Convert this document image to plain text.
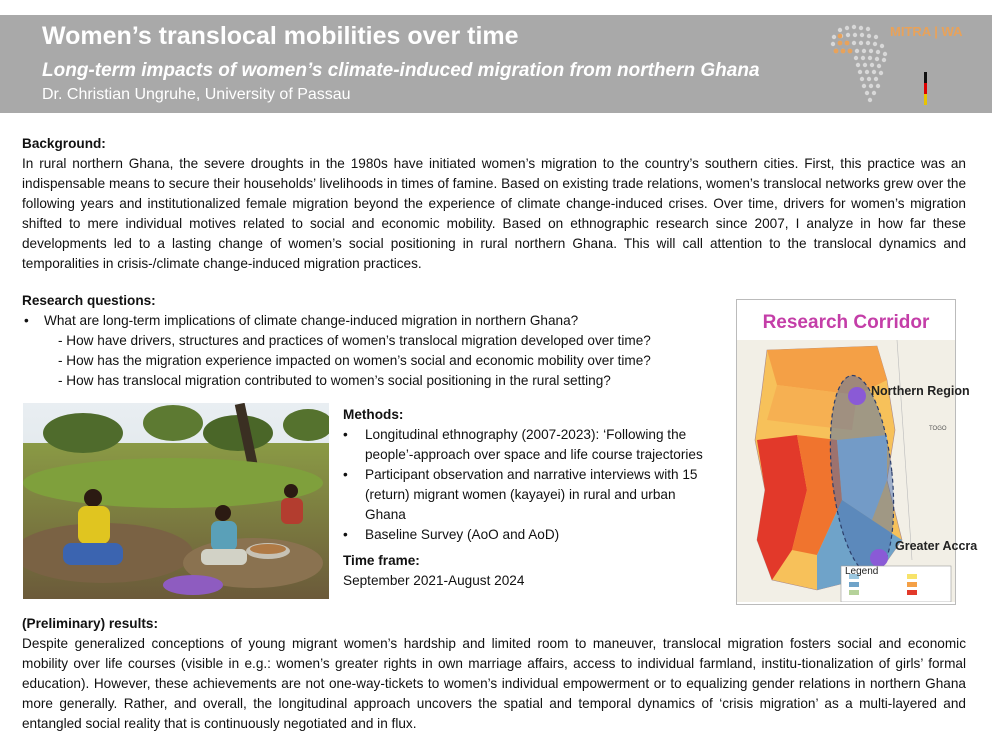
Women’s translocal mobilities over time
Long-term impacts of women’s climate-induced migration from northern Ghana
Dr. Christian Ungruhe, University of Passau
MITRA | WA
Background:
In rural northern Ghana, the severe droughts in the 1980s have initiated women’s migration to the country’s southern cities. First, this practice was an indispensable means to secure their households’ livelihoods in times of famine. Based on existing trade relations, women’s translocal networks grew over the following years and institutionalized female migration beyond the experience of climate change-induced crises. Over time, drivers for women’s migration shifted to mere individual motives related to social and economic mobility. Based on ethnographic research since 2007, I analyze in how far these developments led to a lasting change of women’s social positioning in rural northern Ghana. This will call attention to the translocal dynamics and temporalities in crisis-/climate change-induced migration practices.
Research questions:
• What are long-term implications of climate change-induced migration in northern Ghana?
- How have drivers, structures and practices of women’s translocal migration developed over time?
- How has the migration experience impacted on women’s social and economic mobility over time?
- How has translocal migration contributed to women’s social positioning in the rural setting?
Methods:
• Longitudinal ethnography (2007-2023): ‘Following the people’-approach over space and life course trajectories
• Participant observation and narrative interviews with 15 (return) migrant women (kayayei) in rural and urban Ghana
• Baseline Survey (AoO and AoD)
Time frame:
September 2021-August 2024
Research Corridor
Northern Region
Greater Accra
Legend
TOGO
(Preliminary) results:
Despite generalized conceptions of young migrant women’s hardship and limited room to maneuver, translocal migration fosters social and economic mobility over life courses (visible in e.g.: women’s greater rights in own marriage affairs, access to individual farmland, institu-tionalization of girls’ formal education). However, these achievements are not one-way-tickets to women’s individual empowerment or to equalizing gender relations in northern Ghana more generally. Rather, and overall, the longitudinal approach uncovers the spatial and temporal dynamics of ‘crisis migration’ as a multi-layered and entangled social reality that is continuously negotiated and in flux.
